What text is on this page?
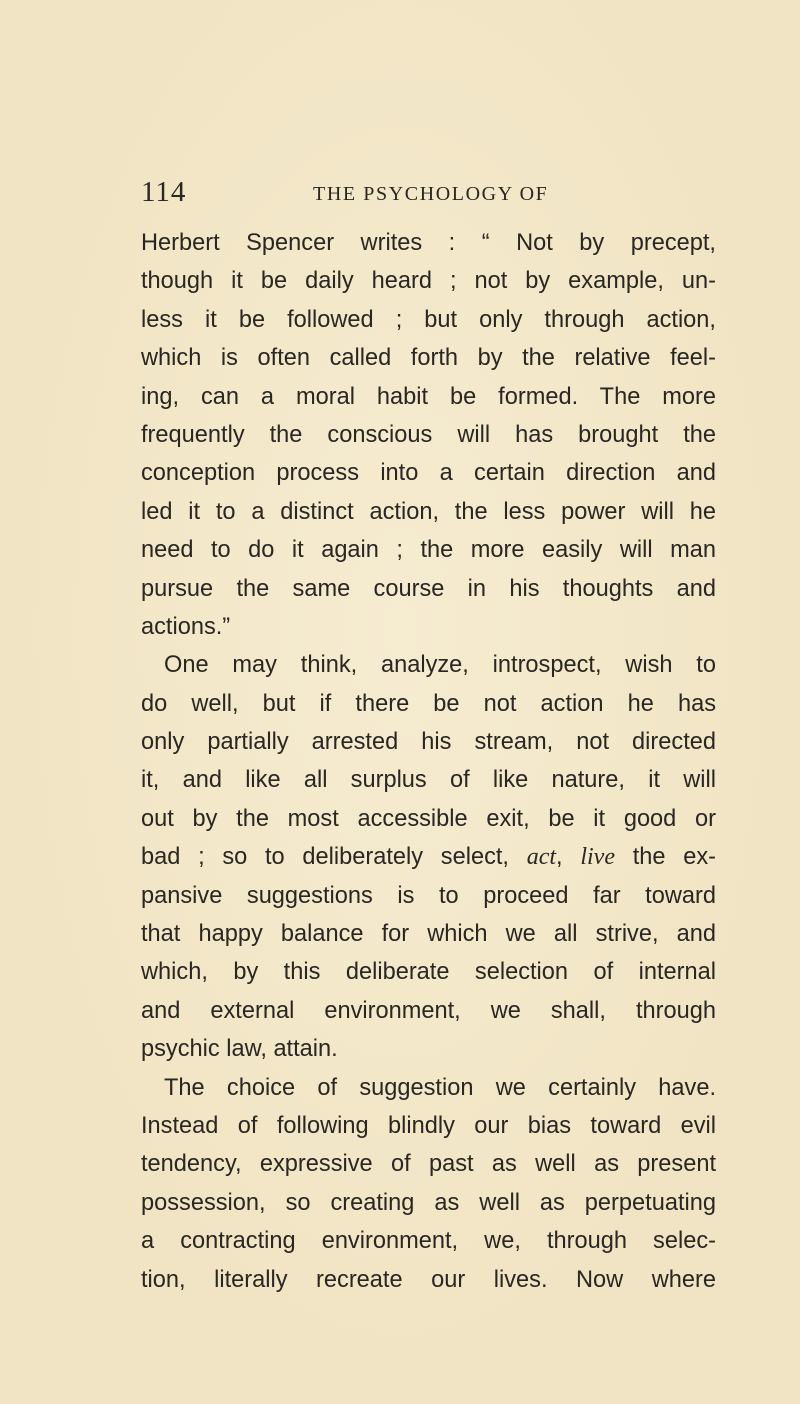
114	THE PSYCHOLOGY OF
Herbert Spencer writes : “ Not by precept,
though it be daily heard ; not by example, un-
less it be followed ; but only through action,
which is often called forth by the relative feel-
ing, can a moral habit be formed. The more
frequently the conscious will has brought the
conception process into a certain direction and
led it to a distinct action, the less power will he
need to do it again ; the more easily will man
pursue the same course in his thoughts and
actions.”
One may think, analyze, introspect, wish to
do well, but if there be not action he has
only partially arrested his stream, not directed
it, and like all surplus of like nature, it will
out by the most accessible exit, be it good or
bad ; so to deliberately select, act, live the ex-
pansive suggestions is to proceed far toward
that happy balance for which we all strive, and
which, by this deliberate selection of internal
and external environment, we shall, through
psychic law, attain.
The choice of suggestion we certainly have.
Instead of following blindly our bias toward evil
tendency, expressive of past as well as present
possession, so creating as well as perpetuating
a contracting environment, we, through selec-
tion, literally recreate our lives. Now where
